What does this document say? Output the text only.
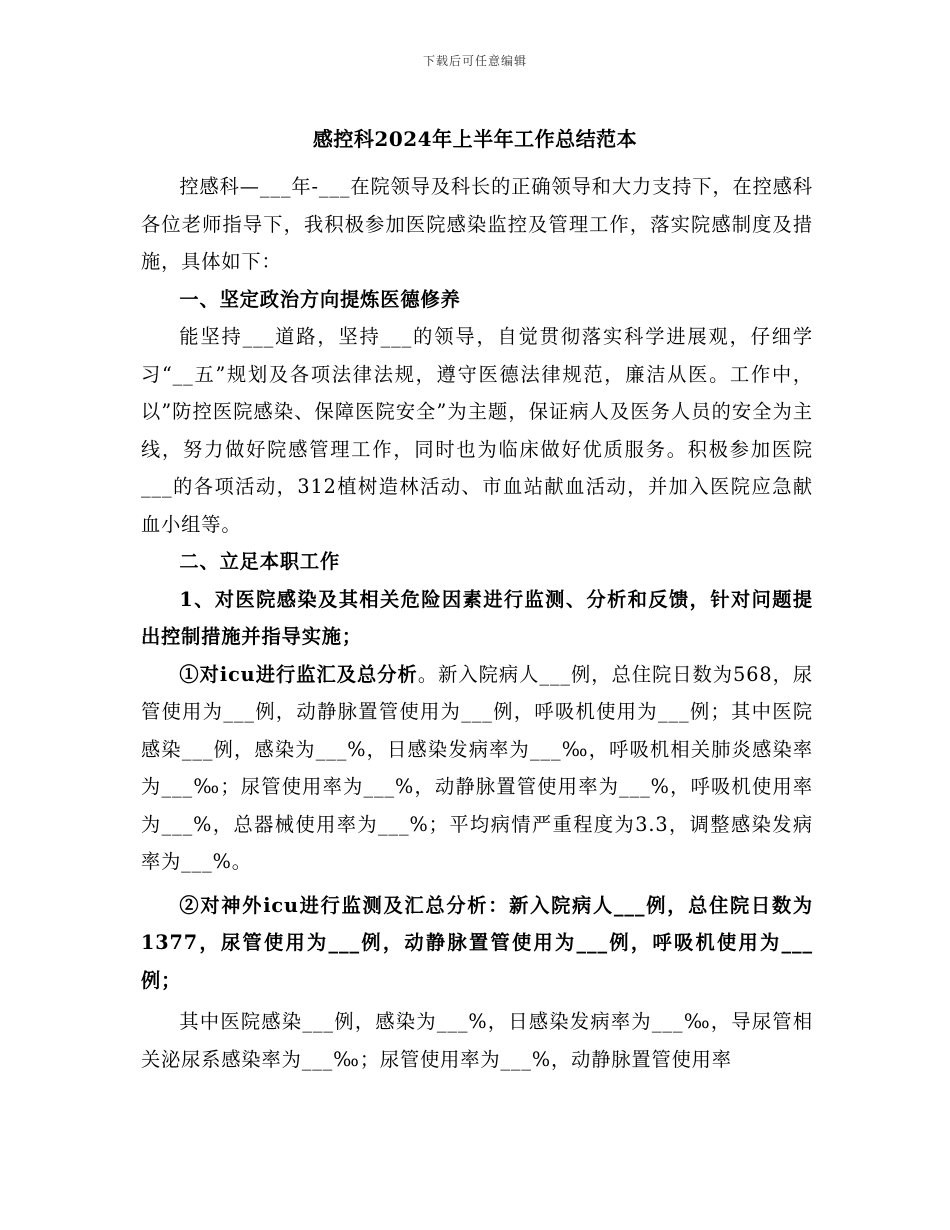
下载后可任意编辑
感控科2024年上半年工作总结范本

控感科—___年-___在院领导及科长的正确领导和大力支持下，在控感科各位老师指导下，我积极参加医院感染监控及管理工作，落实院感制度及措施，具体如下：

一、坚定政治方向提炼医德修养

能坚持___道路，坚持___的领导，自觉贯彻落实科学进展观，仔细学习“__五”规划及各项法律法规，遵守医德法律规范，廉洁从医。工作中，以”防控医院感染、保障医院安全”为主题，保证病人及医务人员的安全为主线，努力做好院感管理工作，同时也为临床做好优质服务。积极参加医院___的各项活动，312植树造林活动、市血站献血活动，并加入医院应急献血小组等。

二、立足本职工作

1、对医院感染及其相关危险因素进行监测、分析和反馈，针对问题提出控制措施并指导实施；

①对icu进行监汇及总分析。新入院病人___例，总住院日数为568，尿管使用为___例，动静脉置管使用为___例，呼吸机使用为___例；其中医院感染___例，感染为___%，日感染发病率为___‰，呼吸机相关肺炎感染率为___‰；尿管使用率为___%，动静脉置管使用率为___%，呼吸机使用率为___%，总器械使用率为___%；平均病情严重程度为3.3，调整感染发病率为___%。

②对神外icu进行监测及汇总分析：新入院病人___例，总住院日数为1377，尿管使用为___例，动静脉置管使用为___例，呼吸机使用为___例；

其中医院感染___例，感染为___%，日感染发病率为___‰，导尿管相关泌尿系感染率为___‰；尿管使用率为___%，动静脉置管使用率
